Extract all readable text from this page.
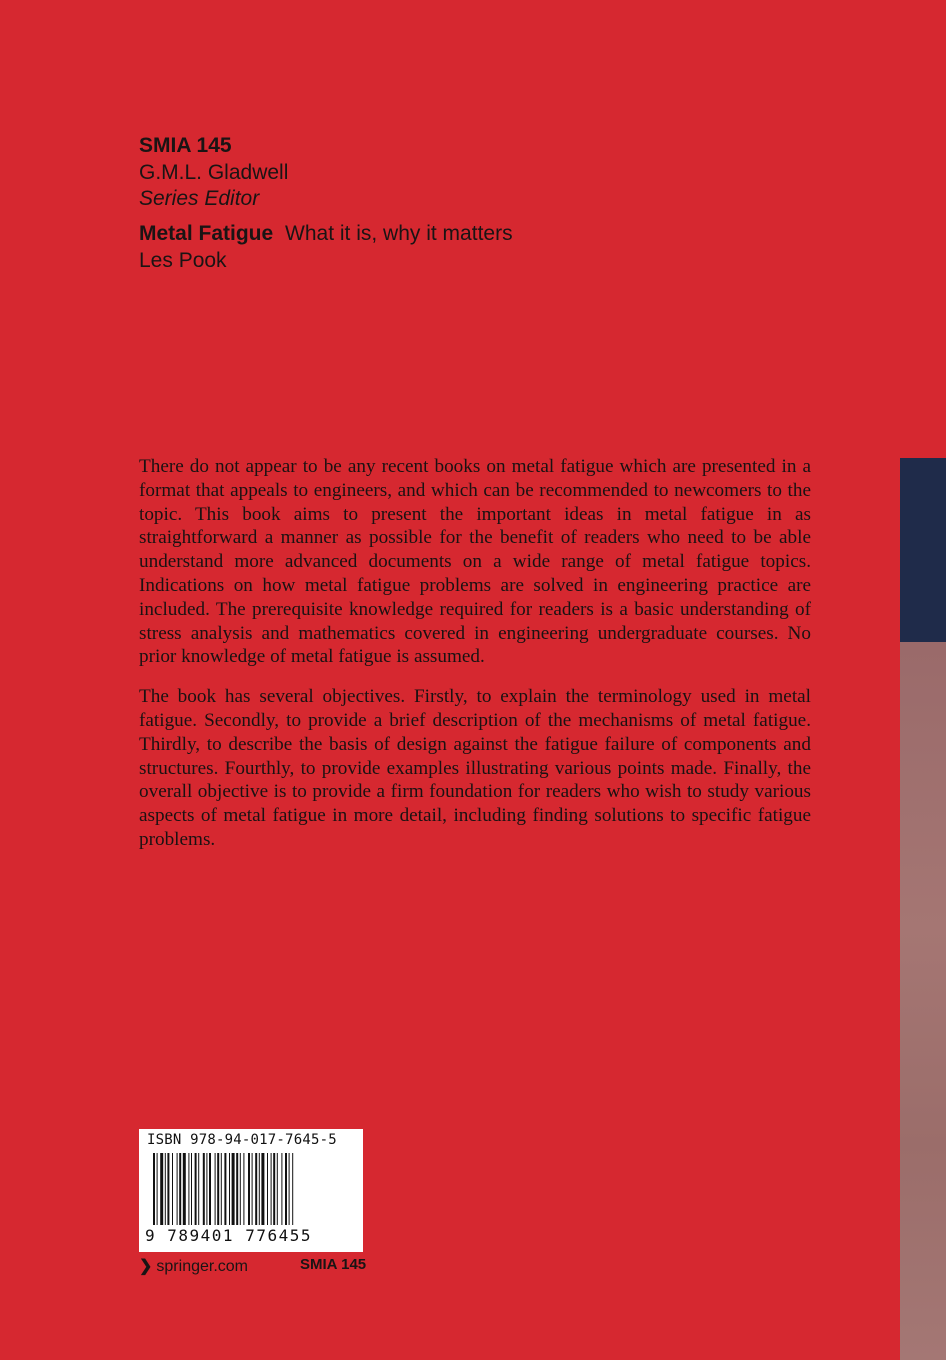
SMIA 145
G.M.L. Gladwell
Series Editor
Metal Fatigue What it is, why it matters
Les Pook

There do not appear to be any recent books on metal fatigue which are presented in a format that appeals to engineers, and which can be recommended to newcomers to the topic. This book aims to present the important ideas in metal fatigue in as straightforward a manner as possible for the benefit of readers who need to be able understand more advanced documents on a wide range of metal fatigue topics. Indications on how metal fatigue problems are solved in engineering practice are included. The prerequisite knowledge required for readers is a basic understanding of stress analysis and mathematics covered in engineering undergraduate courses. No prior knowledge of metal fatigue is assumed.

The book has several objectives. Firstly, to explain the terminology used in metal fatigue. Secondly, to provide a brief description of the mechanisms of metal fatigue. Thirdly, to describe the basis of design against the fatigue failure of components and structures. Fourthly, to provide examples illustrating various points made. Finally, the overall objective is to provide a firm foundation for readers who wish to study various aspects of metal fatigue in more detail, including finding solutions to specific fatigue problems.

ISBN 978-94-017-7645-5
9 789401 776455
❯ springer.com	SMIA 145
